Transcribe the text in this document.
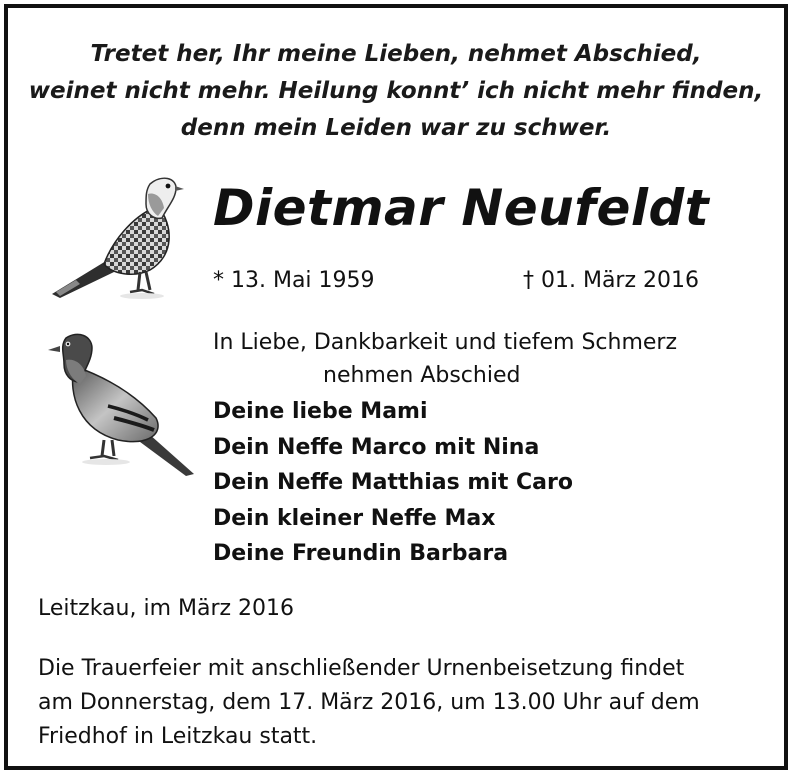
Tretet her, Ihr meine Lieben, nehmet Abschied,
weinet nicht mehr. Heilung konnt’ ich nicht mehr finden,
denn mein Leiden war zu schwer.
Dietmar Neufeldt
* 13. Mai 1959	† 01. März 2016
In Liebe, Dankbarkeit und tiefem Schmerz
nehmen Abschied
Deine liebe Mami
Dein Neffe Marco mit Nina
Dein Neffe Matthias mit Caro
Dein kleiner Neffe Max
Deine Freundin Barbara
Leitzkau, im März 2016
Die Trauerfeier mit anschließender Urnenbeisetzung findet
am Donnerstag, dem 17. März 2016, um 13.00 Uhr auf dem
Friedhof in Leitzkau statt.
